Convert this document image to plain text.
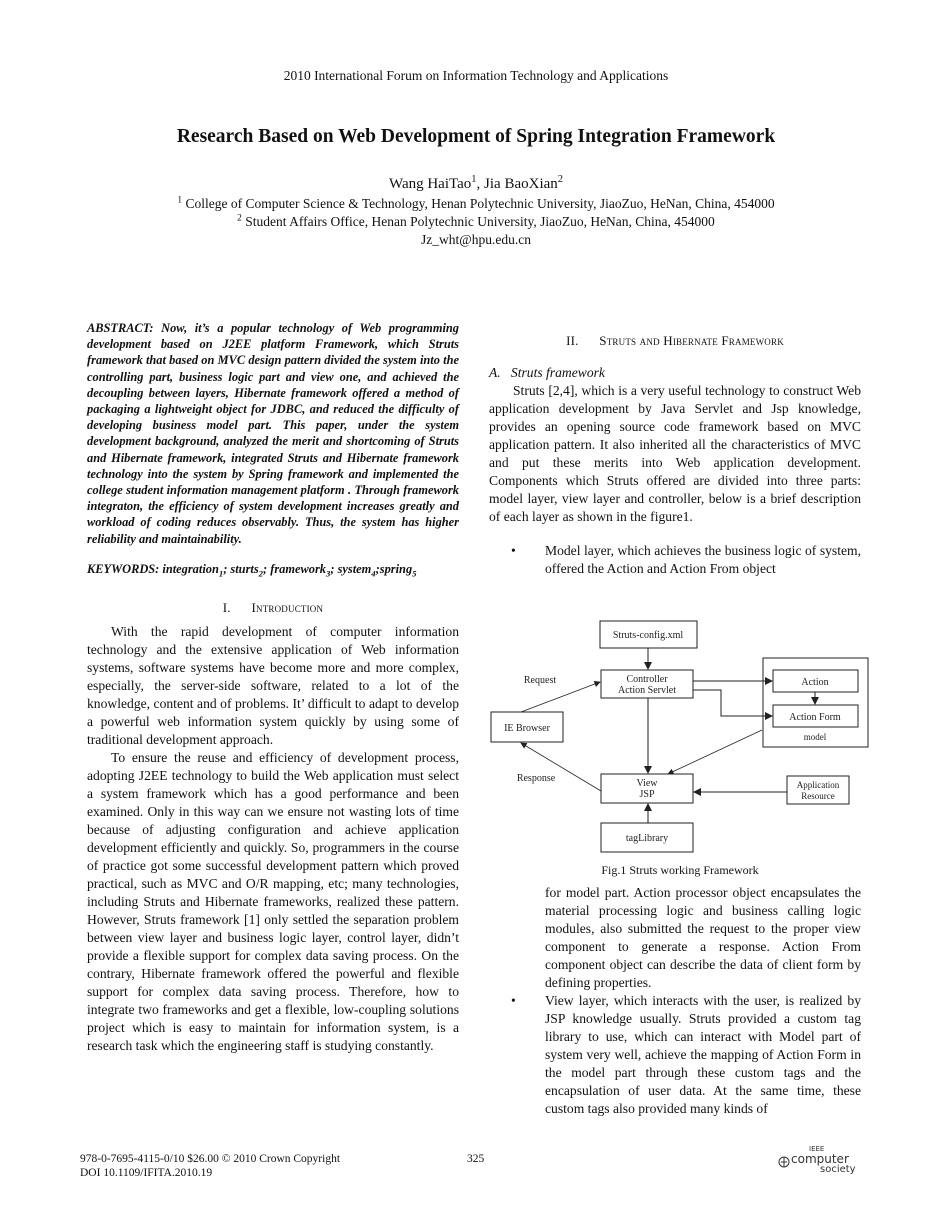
2010 International Forum on Information Technology and Applications
Research Based on Web Development of Spring Integration Framework
Wang HaiTao$^1$, Jia BaoXian$^2$
$^1$ College of Computer Science & Technology, Henan Polytechnic University, JiaoZuo, HeNan, China, 454000
$^2$ Student Affairs Office, Henan Polytechnic University, JiaoZuo, HeNan, China, 454000
Jz_wht@hpu.edu.cn

ABSTRACT: Now, it’s a popular technology of Web programming development based on J2EE platform Framework, which Struts framework that based on MVC design pattern divided the system into the controlling part, business logic part and view one, and achieved the decoupling between layers, Hibernate framework offered a method of packaging a lightweight object for JDBC, and reduced the difficulty of developing business model part. This paper, under the system development background, analyzed the merit and shortcoming of Struts and Hibernate framework, integrated Struts and Hibernate framework technology into the system by Spring framework and implemented the college student information management platform . Through framework integraton, the efficiency of system development increases greatly and workload of coding reduces observably. Thus, the system has higher reliability and maintainability.

KEYWORDS: integration$_1$; sturts$_2$; framework$_3$; system$_4$;spring$_5$

I. Introduction

With the rapid development of computer information technology and the extensive application of Web information systems, software systems have become more and more complex, especially, the server-side software, related to a lot of the knowledge, content and of problems. It’ difficult to adapt to develop a powerful web information system quickly by using some of traditional development approach.

To ensure the reuse and efficiency of development process, adopting J2EE technology to build the Web application must select a system framework which has a good performance and been examined. Only in this way can we ensure not wasting lots of time because of adjusting configuration and achieve application development efficiently and quickly. So, programmers in the course of practice got some successful development pattern which proved practical, such as MVC and O/R mapping, etc; many technologies, including Struts and Hibernate frameworks, realized these pattern. However, Struts framework [1] only settled the separation problem between view layer and business logic layer, control layer, didn’t provide a flexible support for complex data saving process. On the contrary, Hibernate framework offered the powerful and flexible support for complex data saving process. Therefore, how to integrate two frameworks and get a flexible, low-coupling solutions project which is easy to maintain for information system, is a research task which the engineering staff is studying constantly.

II. Struts and Hibernate Framework

A. Struts framework

Struts [2,4], which is a very useful technology to construct Web application development by Java Servlet and Jsp knowledge, provides an opening source code framework based on MVC application pattern. It also inherited all the characteristics of MVC and put these merits into Web application development. Components which Struts offered are divided into three parts: model layer, view layer and controller, below is a brief description of each layer as shown in the figure1.

• Model layer, which achieves the business logic of system, offered the Action and Action From object

Struts-config.xml
Controller
Action Servlet
IE Browser
Action
Action Form
model
View
JSP
Application
Resource
tagLibrary
Request
Response
Fig.1 Struts working Framework

for model part. Action processor object encapsulates the material processing logic and business calling logic modules, also submitted the request to the proper view component to generate a response. Action From component object can describe the data of client form by defining properties.

• View layer, which interacts with the user, is realized by JSP knowledge usually. Struts provided a custom tag library to use, which can interact with Model part of system very well, achieve the mapping of Action Form in the model part through these custom tags and the encapsulation of user data. At the same time, these custom tags also provided many kinds of

978-0-7695-4115-0/10 $26.00 © 2010 Crown Copyright
DOI 10.1109/IFITA.2010.19
325
IEEE
computer
society
